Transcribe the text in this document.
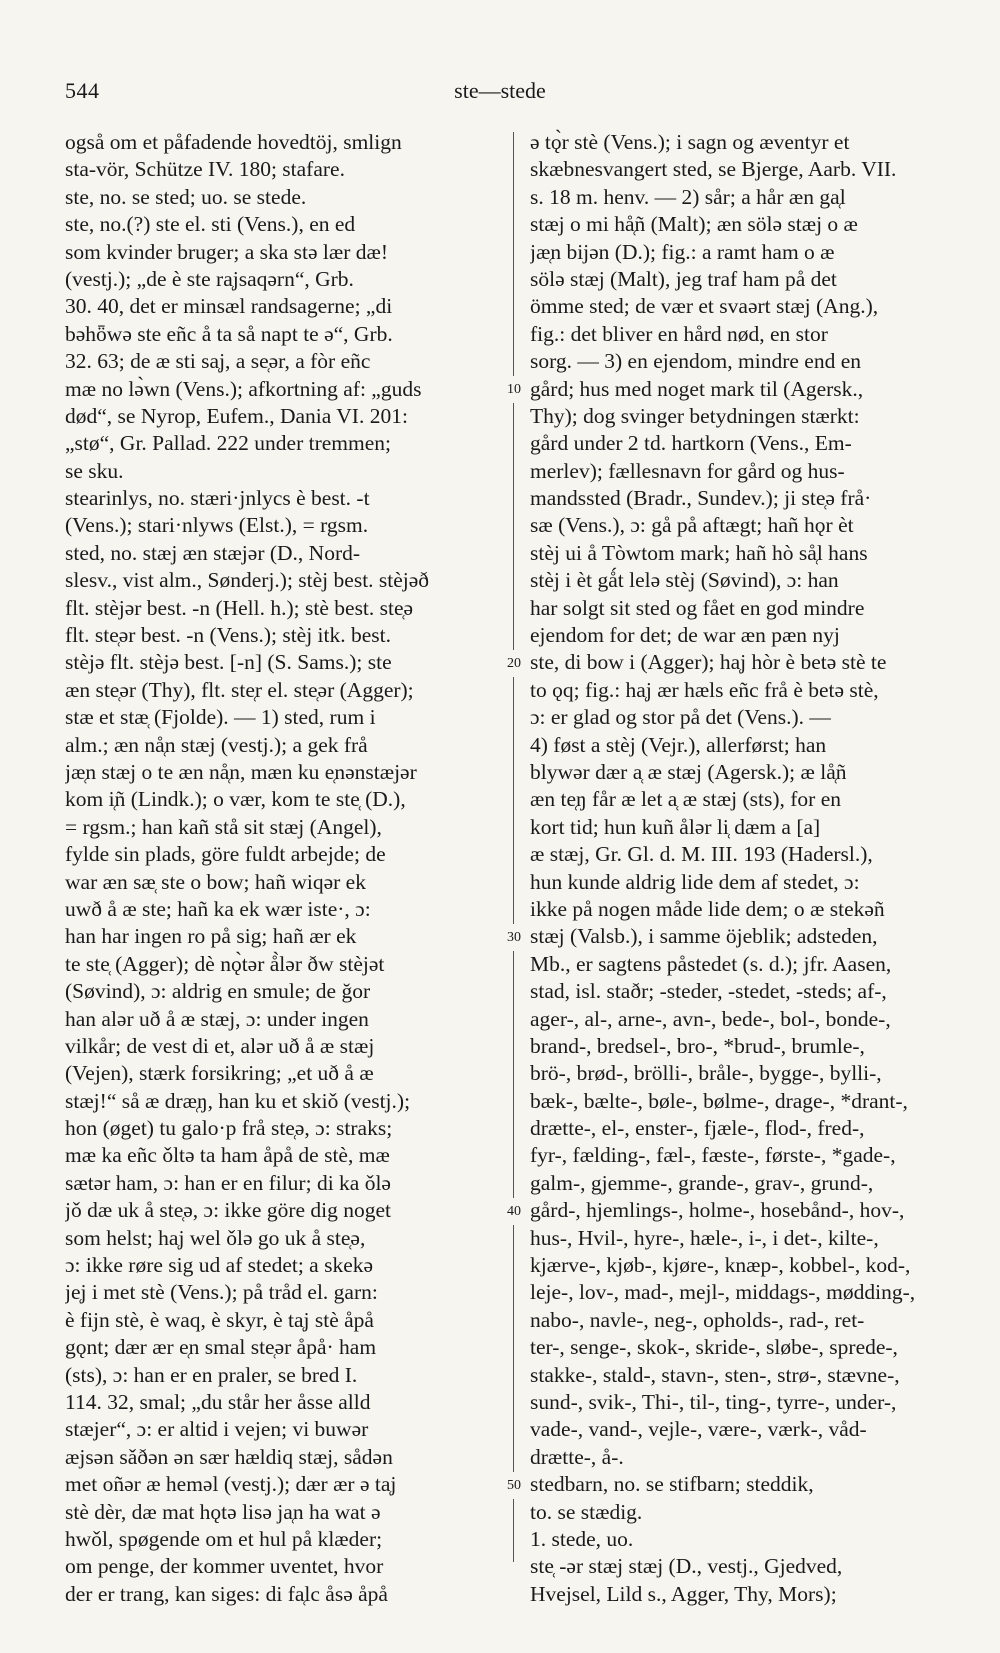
544	ste—stede
også om et påfadende hovedtöj, smlign
sta-vör, Schütze IV. 180; stafare.
ste, no. se sted; uo. se stede.
ste, no.(?) ste el. sti (Vens.), en ed
som kvinder bruger; a ska stə lær dæ!
(vestj.); „de è ste ra̜jsaqərn“, Grb.
30. 40, det er minsæl randsagerne; „di
bəhȫwə ste eñc å ta så napt te ə“, Grb.
32. 63; de æ sti sa̜j, a se̜ər, a fòr eñc
mæ no lə̀wn (Vens.); afkortning af: „guds
død“, se Nyrop, Eufem., Dania VI. 201:
„stø“, Gr. Pallad. 222 under tremmen;
se sku.
stearinlys, no. stæri·jnlycs è best. -t
(Vens.); stari·nlyws (Elst.), = rgsm.
sted, no. stæj æn stæjər (D., Nord-
slesv., vist alm., Sønderj.); stèj best. stèjəð
flt. stèjər best. -n (Hell. h.); stè best. ste̜ə
flt. ste̜ər best. -n (Vens.); stèj itk. best.
stèjə flt. stèjə best. [-n] (S. Sams.); ste
æn ste̜ər (Thy), flt. ste̜r el. ste̜ər (Agger);
stæ et stæ̜ (Fjolde). — 1) sted, rum i
alm.; æn nå̜n stæj (vestj.); a gek frå
jæ̜n stæj o te æn nå̜n, mæn ku e̜nənstæjər
kom i̜ñ (Lindk.); o vær, kom te ste̜ (D.),
= rgsm.; han kañ stå sit stæj (Angel),
fylde sin plads, göre fuldt arbejde; de
war æn sæ̜ ste o bow; hañ wiqər ek
uwð å æ ste; hañ ka ek wær iste·, ɔ:
han har ingen ro på sig; hañ ær ek
te ste̜ (Agger); dè nǫ̀tər å̀lər ðw stèjət
(Søvind), ɔ: aldrig en smule; de ğor
han alər uð å æ stæj, ɔ: under ingen
vilkår; de vest di et, alər uð å æ stæj
(Vejen), stærk forsikring; „et uð å æ
stæj!“ så æ dræ̜ŋ, han ku et skiǒ (vestj.);
hon (øget) tu galo·p frå ste̜ə, ɔ: straks;
mæ ka eñc ǒltə ta ham åpå de stè, mæ
sætər ham, ɔ: han er en filur; di ka ǒlə
jǒ dæ uk å ste̜ə, ɔ: ikke göre dig noget
som helst; ha̜j wel ǒlə go uk å ste̜ə,
ɔ: ikke røre sig ud af stedet; a skekə
je̜j i met stè (Vens.); på tråd el. garn:
è fijn stè, è waq, è skyr, è ta̜j stè åpå
gǫnt; dær ær e̜n smal ste̜ər åpå· ham
(sts), ɔ: han er en praler, se bred I.
114. 32, smal; „du står her åsse alld
stæjer“, ɔ: er altid i vejen; vi buwər
æjsən sǎðən ən sær hældiq stæj, sådən
met oñər æ heməl (vestj.); dær ær ə ta̜j
stè dèr, dæ mat hǫtə lisə ja̜n ha wat ə
hwǒl, spøgende om et hul på klæder;
om penge, der kommer uventet, hvor
der er trang, kan siges: di fa̜lc åsə åpå
ə tǫ̀r stè (Vens.); i sagn og æventyr et
skæbnesvangert sted, se Bjerge, Aarb. VII.
s. 18 m. henv. — 2) sår; a hår æn ga̜l
stæj o mi hå̜ñ (Malt); æn sölə stæj o æ
jæ̜n bijən (D.); fig.: a ramt ham o æ
sölə stæj (Malt), jeg traf ham på det
ömme sted; de vær et svaərt stæj (Ang.),
fig.: det bliver en hård nød, en stor
sorg. — 3) en ejendom, mindre end en
gård; hus med noget mark til (Agersk.,
Thy); dog svinger betydningen stærkt:
gård under 2 td. hartkorn (Vens., Em-
merlev); fællesnavn for gård og hus-
mandssted (Bradr., Sundev.); ji ste̜ə frå·
sæ (Vens.), ɔ: gå på aftægt; hañ hǫr èt
stèj ui å Tòwtom mark; hañ hò så̜l hans
stèj i èt gǻt lelə stèj (Søvind), ɔ: han
har solgt sit sted og fået en god mindre
ejendom for det; de war æn pæn nyj
ste, di bow i (Agger); ha̜j hòr è betə stè te
to ǫq; fig.: ha̜j ær hæls eñc frå è betə stè,
ɔ: er glad og stor på det (Vens.). —
4) føst a stèj (Vejr.), allerførst; han
blywər dær a̜ æ stæj (Agersk.); æ lå̜ñ
æn te̜ŋ får æ let a̜ æ stæj (sts), for en
kort tid; hun kuñ ålər li̜ dæm a [a]
æ stæj, Gr. Gl. d. M. III. 193 (Hadersl.),
hun kunde aldrig lide dem af stedet, ɔ:
ikke på nogen måde lide dem; o æ stekəñ
stæj (Valsb.), i samme öjeblik; adsteden,
Mb., er sagtens påstedet (s. d.); jfr. Aasen,
stad, isl. staðr; -steder, -stedet, -steds; af-,
ager-, al-, arne-, avn-, bede-, bol-, bonde-,
brand-, bredsel-, bro-, *brud-, brumle-,
brö-, brød-, brölli-, bråle-, bygge-, bylli-,
bæk-, bælte-, bøle-, bølme-, drage-, *drant-,
drætte-, el-, enster-, fjæle-, flod-, fred-,
fyr-, fælding-, fæl-, fæste-, første-, *gade-,
galm-, gjemme-, grande-, grav-, grund-,
gård-, hjemlings-, holme-, hosebånd-, hov-,
hus-, Hvil-, hyre-, hæle-, i-, i det-, kilte-,
kjærve-, kjøb-, kjøre-, knæp-, kobbel-, kod-,
leje-, lov-, mad-, mejl-, middags-, mødding-,
nabo-, navle-, neg-, opholds-, rad-, ret-
ter-, senge-, skok-, skride-, sløbe-, sprede-,
stakke-, stald-, stavn-, sten-, strø-, stævne-,
sund-, svik-, Thi-, til-, ting-, tyrre-, under-,
vade-, vand-, vejle-, være-, værk-, våd-
drætte-, å-.
stedbarn, no. se stifbarn; steddik,
to. se stædig.
1. stede, uo.
ste̜ -ər stæj stæj (D., vestj., Gjedved,
Hvejsel, Lild s., Agger, Thy, Mors);
10
20
30
40
50
